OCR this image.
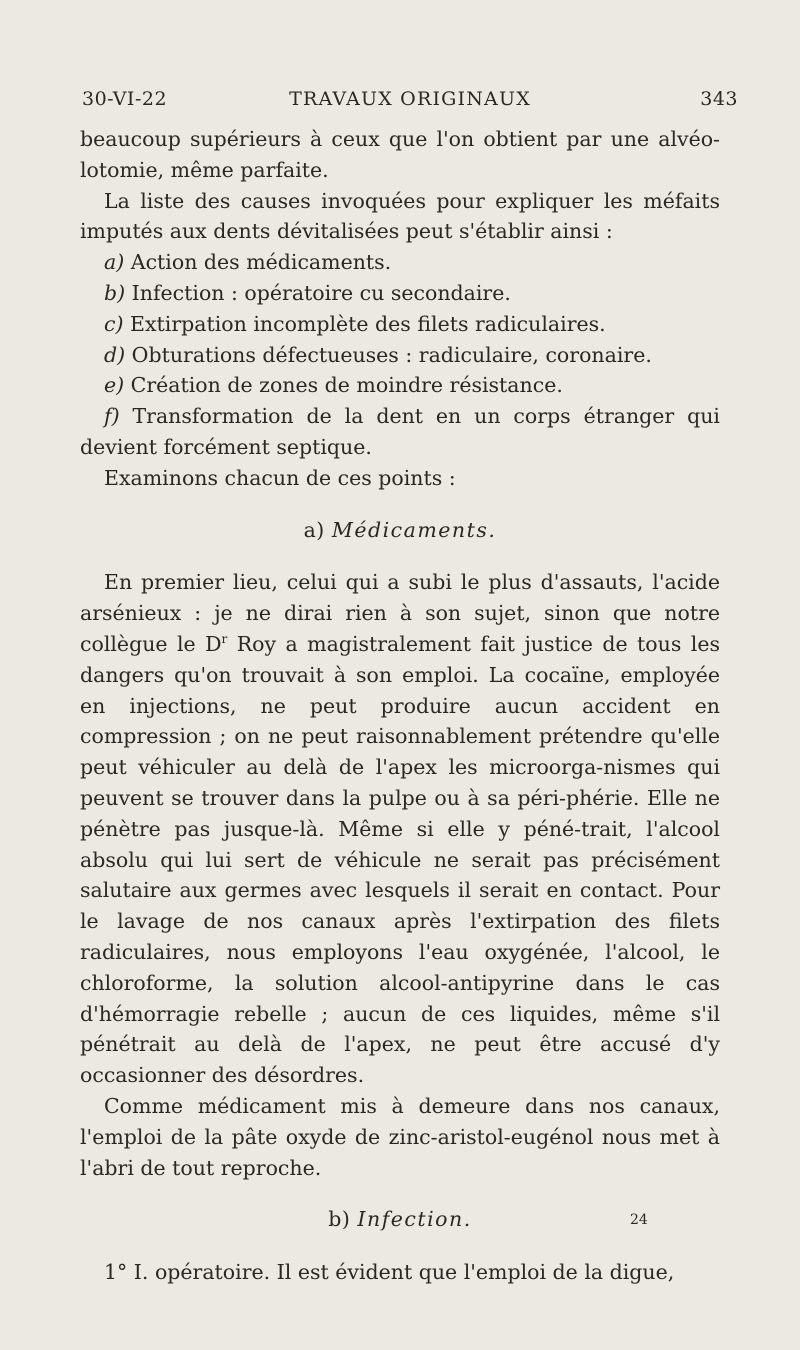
30-VI-22	TRAVAUX ORIGINAUX	343

beaucoup supérieurs à ceux que l'on obtient par une alvéo-lotomie, même parfaite.

La liste des causes invoquées pour expliquer les méfaits imputés aux dents dévitalisées peut s'établir ainsi :

a) Action des médicaments.

b) Infection : opératoire cu secondaire.

c) Extirpation incomplète des filets radiculaires.

d) Obturations défectueuses : radiculaire, coronaire.

e) Création de zones de moindre résistance.

f) Transformation de la dent en un corps étranger qui devient forcément septique.

Examinons chacun de ces points :

a) Médicaments.

En premier lieu, celui qui a subi le plus d'assauts, l'acide arsénieux : je ne dirai rien à son sujet, sinon que notre collègue le $D^r$ Roy a magistralement fait justice de tous les dangers qu'on trouvait à son emploi. La cocaïne, employée en injections, ne peut produire aucun accident en compression ; on ne peut raisonnablement prétendre qu'elle peut véhiculer au delà de l'apex les microorga-nismes qui peuvent se trouver dans la pulpe ou à sa péri-phérie. Elle ne pénètre pas jusque-là. Même si elle y péné-trait, l'alcool absolu qui lui sert de véhicule ne serait pas précisément salutaire aux germes avec lesquels il serait en contact. Pour le lavage de nos canaux après l'extirpation des filets radiculaires, nous employons l'eau oxygénée, l'alcool, le chloroforme, la solution alcool-antipyrine dans le cas d'hémorragie rebelle ; aucun de ces liquides, même s'il pénétrait au delà de l'apex, ne peut être accusé d'y occasionner des désordres.

Comme médicament mis à demeure dans nos canaux, l'emploi de la pâte oxyde de zinc-aristol-eugénol nous met à l'abri de tout reproche.

b) Infection.

1° I. opératoire. Il est évident que l'emploi de la digue,

24
